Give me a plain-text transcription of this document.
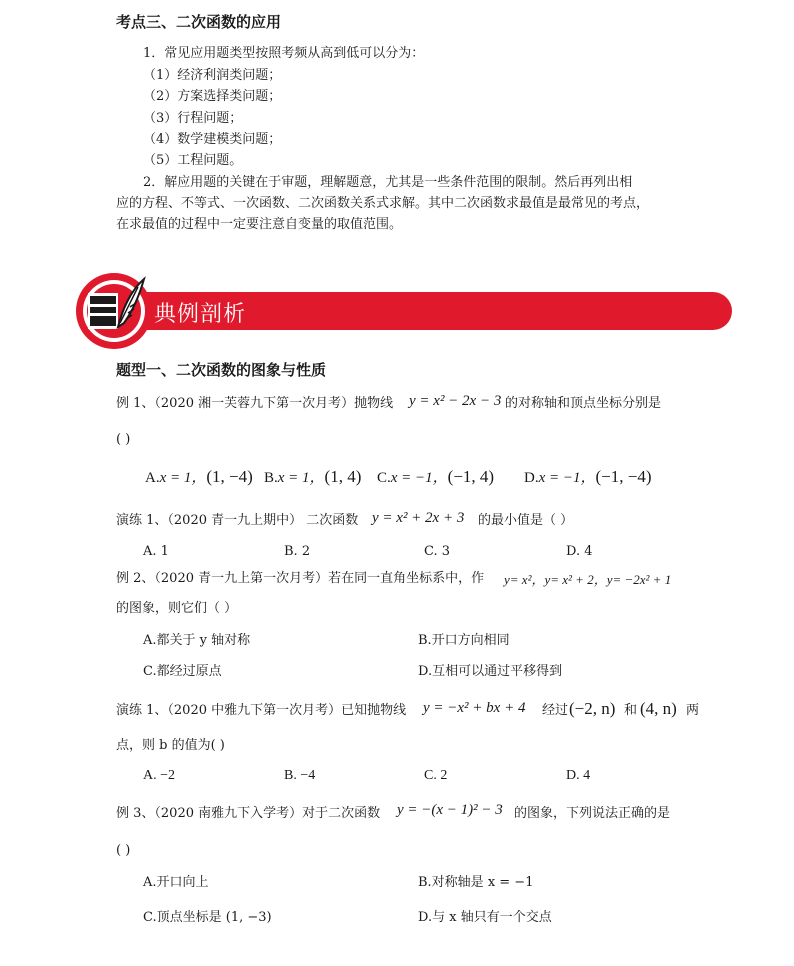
考点三、二次函数的应用
1．常见应用题类型按照考频从高到低可以分为：
（1）经济利润类问题；
（2）方案选择类问题；
（3）行程问题；
（4）数学建模类问题；
（5）工程问题。
2．解应用题的关键在于审题，理解题意，尤其是一些条件范围的限制。然后再列出相
应的方程、不等式、一次函数、二次函数关系式求解。其中二次函数求最值是最常见的考点，
在求最值的过程中一定要注意自变量的取值范围。
典例剖析
题型一、二次函数的图象与性质
例 1、（2020 湘一芙蓉九下第一次月考）抛物线 y = x² − 2x − 3 的对称轴和顶点坐标分别是
( )
A.x = 1，(1, −4) B.x = 1，(1, 4) C.x = −1，(−1, 4) D.x = −1，(−1, −4)
演练 1、（2020 青一九上期中） 二次函数 y = x² + 2x + 3 的最小值是（ ）
A. 1	B. 2	C. 3	D. 4
例 2、（2020 青一九上第一次月考）若在同一直角坐标系中，作 y= x²，y= x² + 2，y= −2x² + 1
的图象，则它们（ ）
A.都关于 y 轴对称	B.开口方向相同
C.都经过原点	D.互相可以通过平移得到
演练 1、（2020 中雅九下第一次月考）已知抛物线 y = −x² + bx + 4 经过 (−2, n) 和 (4, n) 两
点，则 b 的值为( )
A. −2	B. −4	C. 2	D. 4
例 3、（2020 南雅九下入学考）对于二次函数 y = −(x − 1)² − 3 的图象，下列说法正确的是
( )
A.开口向上	B.对称轴是 x = −1
C.顶点坐标是 (1, −3)	D.与 x 轴只有一个交点
